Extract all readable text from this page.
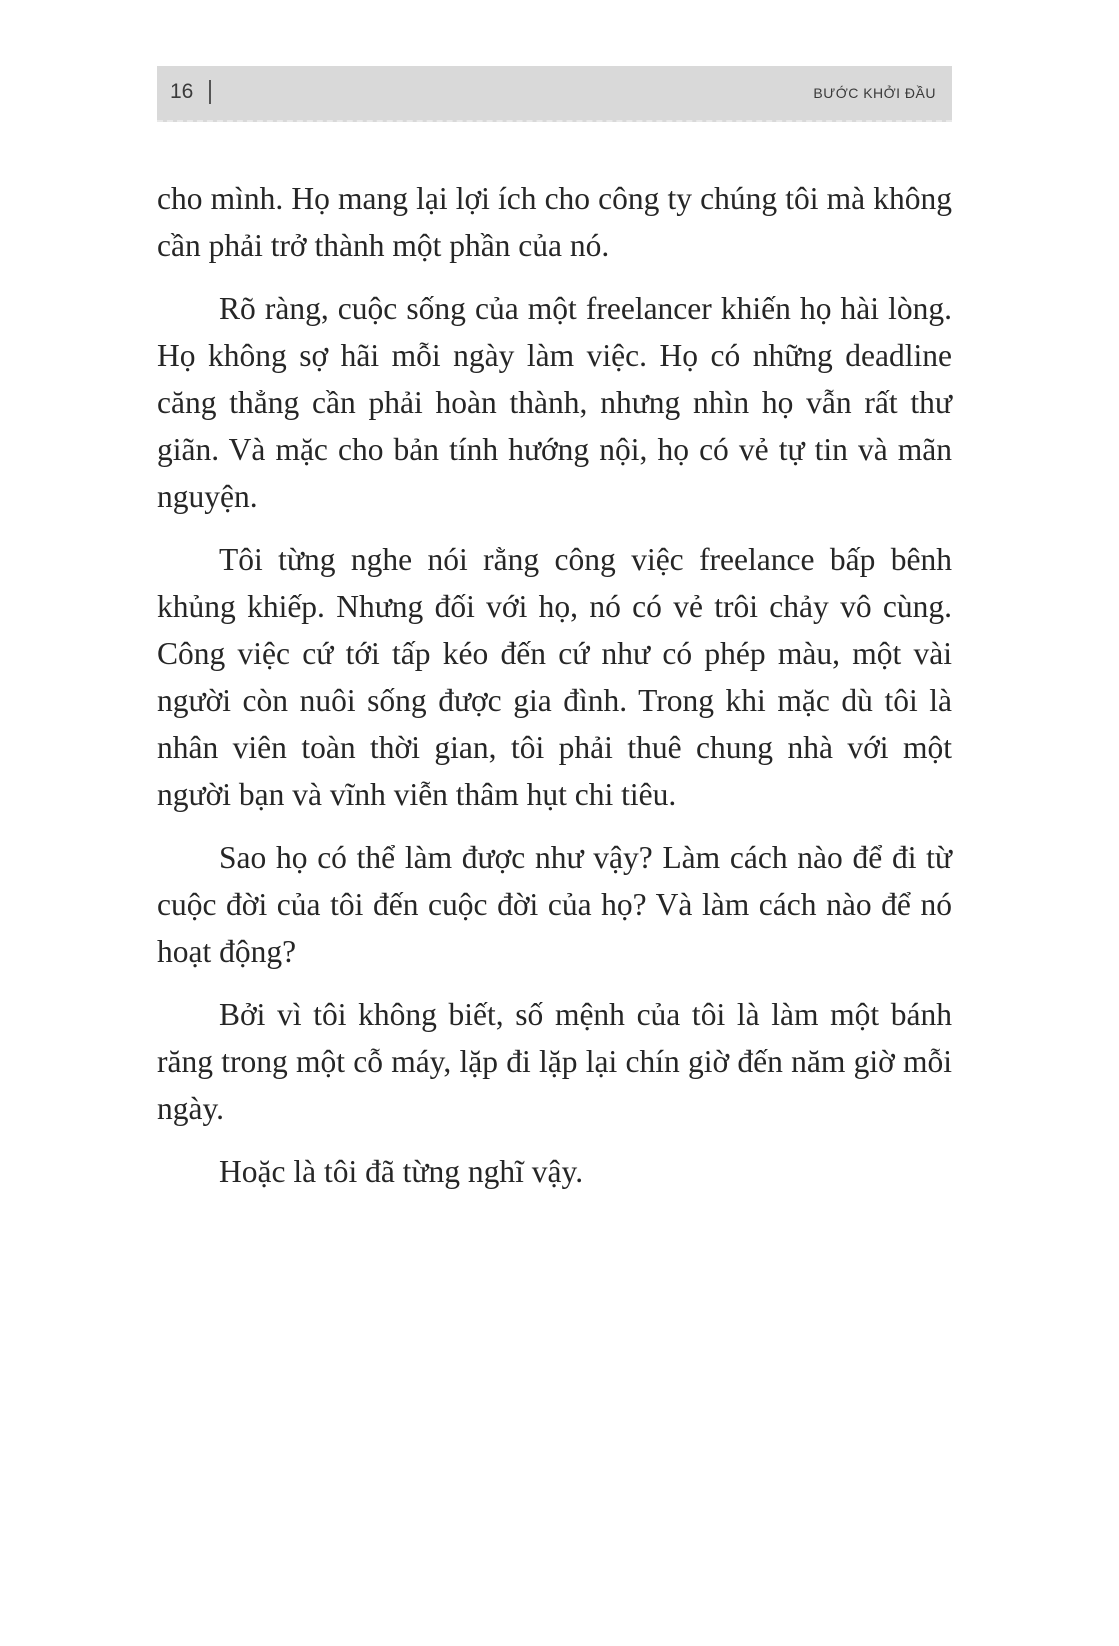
16	BƯỚC KHỞI ĐẦU

cho mình. Họ mang lại lợi ích cho công ty chúng tôi mà không cần phải trở thành một phần của nó.

Rõ ràng, cuộc sống của một freelancer khiến họ hài lòng. Họ không sợ hãi mỗi ngày làm việc. Họ có những deadline căng thẳng cần phải hoàn thành, nhưng nhìn họ vẫn rất thư giãn. Và mặc cho bản tính hướng nội, họ có vẻ tự tin và mãn nguyện.

Tôi từng nghe nói rằng công việc freelance bấp bênh khủng khiếp. Nhưng đối với họ, nó có vẻ trôi chảy vô cùng. Công việc cứ tới tấp kéo đến cứ như có phép màu, một vài người còn nuôi sống được gia đình. Trong khi mặc dù tôi là nhân viên toàn thời gian, tôi phải thuê chung nhà với một người bạn và vĩnh viễn thâm hụt chi tiêu.

Sao họ có thể làm được như vậy? Làm cách nào để đi từ cuộc đời của tôi đến cuộc đời của họ? Và làm cách nào để nó hoạt động?

Bởi vì tôi không biết, số mệnh của tôi là làm một bánh răng trong một cỗ máy, lặp đi lặp lại chín giờ đến năm giờ mỗi ngày.

Hoặc là tôi đã từng nghĩ vậy.
